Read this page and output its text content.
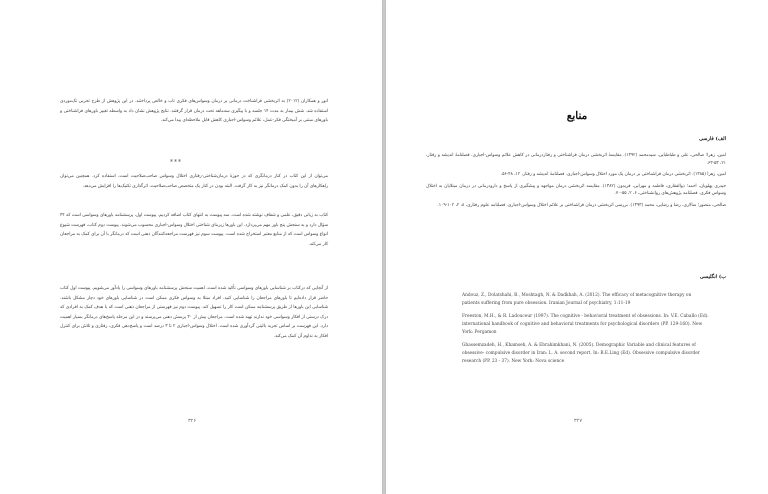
انور و همکاران (۲۰۱۲) به اثربخشی فراشناخت درمانی بر درمان وسواس‌های فکری ناب و خالص پرداختند. در این پژوهش از طرح تجربی تک‌موردی استفاده شد. شش بیمار به مدت ۱۴ جلسه و با پیگیری سه‌ماهه تحت درمان قرار گرفتند. نتایج پژوهش نشان داد به واسطه تغییر باورهای فراشناختی و باورهای مبتنی بر آمیختگی فکر-عمل، علائم وسواس-اجباری کاهش قابل ملاحظه‌ای پیدا می‌کند.
***
می‌توان از این کتاب در کنار درمانگری که در حوزهٔ درمان‌شناختی-رفتاری اختلال وسواس صاحب‌صلاحیت است، استفاده کرد. همچنین می‌توان راهکارهای آن را بدون کمک درمانگر نیز به کار گرفت. البته بودن در کنار یک متخصص صاحب‌صلاحیت، اثرگذاری تکنیک‌ها را افزایش می‌دهد.
کتاب به زبانی دقیق، علمی و شفاف نوشته شده است. سه پیوست به انتهای کتاب اضافه کردیم. پیوست اول، پرسشنامه باورهای وسواسی است که ۴۴ سؤال دارد و به سنجش پنج باور مهم می‌پردازد. این باورها زیربنای شناختی اختلال وسواس-اجباری محسوب می‌شوند. پیوست دوم کتاب، فهرست شیوع انواع وسواس است که از منابع معتبر استخراج شده است. پیوست سوم نیز فهرست مراجعه‌کنندگان ذهنی است که درمانگر با آن برای کمک به مراجعان کار می‌کند.
از آنجایی که درکتاب بر شناسایی باورهای وسواسی تأکید شده است، اهمیت سنجش پرسشنامه باورهای وسواسی را یادآور می‌شویم. پیوست اول کتاب حاضر قرار داده‌ایم تا باورهای مراجعان را شناسایی کنید. افراد مبتلا به وسواس فکری ممکن است در شناسایی باورهای خود دچار مشکل باشند. شناسایی این باورها از طریق پرسشنامه ممکن است کار را تسهیل کند. پیوست دوم نیز فهرستی از مراجعان ذهنی است که با هدف کمک به افرادی که درک درستی از افکار وسواسی خود ندارند تهیه شده است. مراجعان بیش از ۳۰ پرسش ذهنی می‌پرسند و در این مرحله پاسخ‌های درمانگر بسیار اهمیت دارد. این فهرست بر اساس تجربه بالینی گردآوری شده است. اختلال وسواس-اجباری ۲ تا ۳ درصد است و پاسخ‌دهی فکری، رفتاری و تلاش برای کنترل افکار به تداوم آن کمک می‌کند.
۳۲۶
منابع
الف) فارسی
امین، زهرا؛ صالحی، علی و طباطبایی، سیدمحمد (۱۳۹۲). مقایسهٔ اثربخشی درمان فراشناختی و رفتاردرمانی در کاهش علائم وسواس-اجباری. فصلنامهٔ اندیشه و رفتار، ۲۱، ۵۳-۶۳.
امین، زهرا (۱۳۸۵). اثربخشی درمان فراشناختی بر درمان یک مورد اختلال وسواس-اجباری. فصلنامهٔ اندیشه و رفتار، ۱۲، ۴۸-۵۶.
حیدری پهلویان، احمد؛ ذوالفقاری، فاطمه و مهرابی، فریدون (۱۳۸۲). مقایسه اثربخشی درمان مواجهه و پیشگیری از پاسخ و دارودرمانی در درمان مبتلایان به اختلال وسواس فکری. فصلنامه پژوهش‌های روانشناختی، ۶، ۲، ۵۵-۷۰.
صالحی، منصور؛ سالاری، رضا و رضایی، محمد (۱۳۹۳). بررسی اثربخشی درمان فراشناختی بر علائم اختلال وسواس-اجباری. فصلنامه علوم رفتاری، ۸، ۲، ۱۰۲-۱۰۹.
ب) انگلیسی
Andouz, Z., Dolatshahi, B., Moshtagh, N. & Dadkhah, A. (2012). The efficacy of metacognitive therapy on patients suffering from pure obsession. Iranian Journal of psychiatry, 1:11-19
Freeston, M.H., & R. Ladouceur (1997). The cognitive - behavioral treatment of obsessions. In: V.E. Caballo (Ed). international handbook of cognitive and behavioral treatments for psychological disorders (PP. 129-160). New York: Pergamon
Ghassemzadeh, H., Khamseh, A. & Ebrahimkhani, N. (2005). Demographic Variable and clinical features of obsessive- compulsive disorder in Iran: L. A. second report. In: B.E.Ling (Ed). Obsessive compulsive disorder research (PP. 23 - 37). New York: Nova science
۳۲۷
